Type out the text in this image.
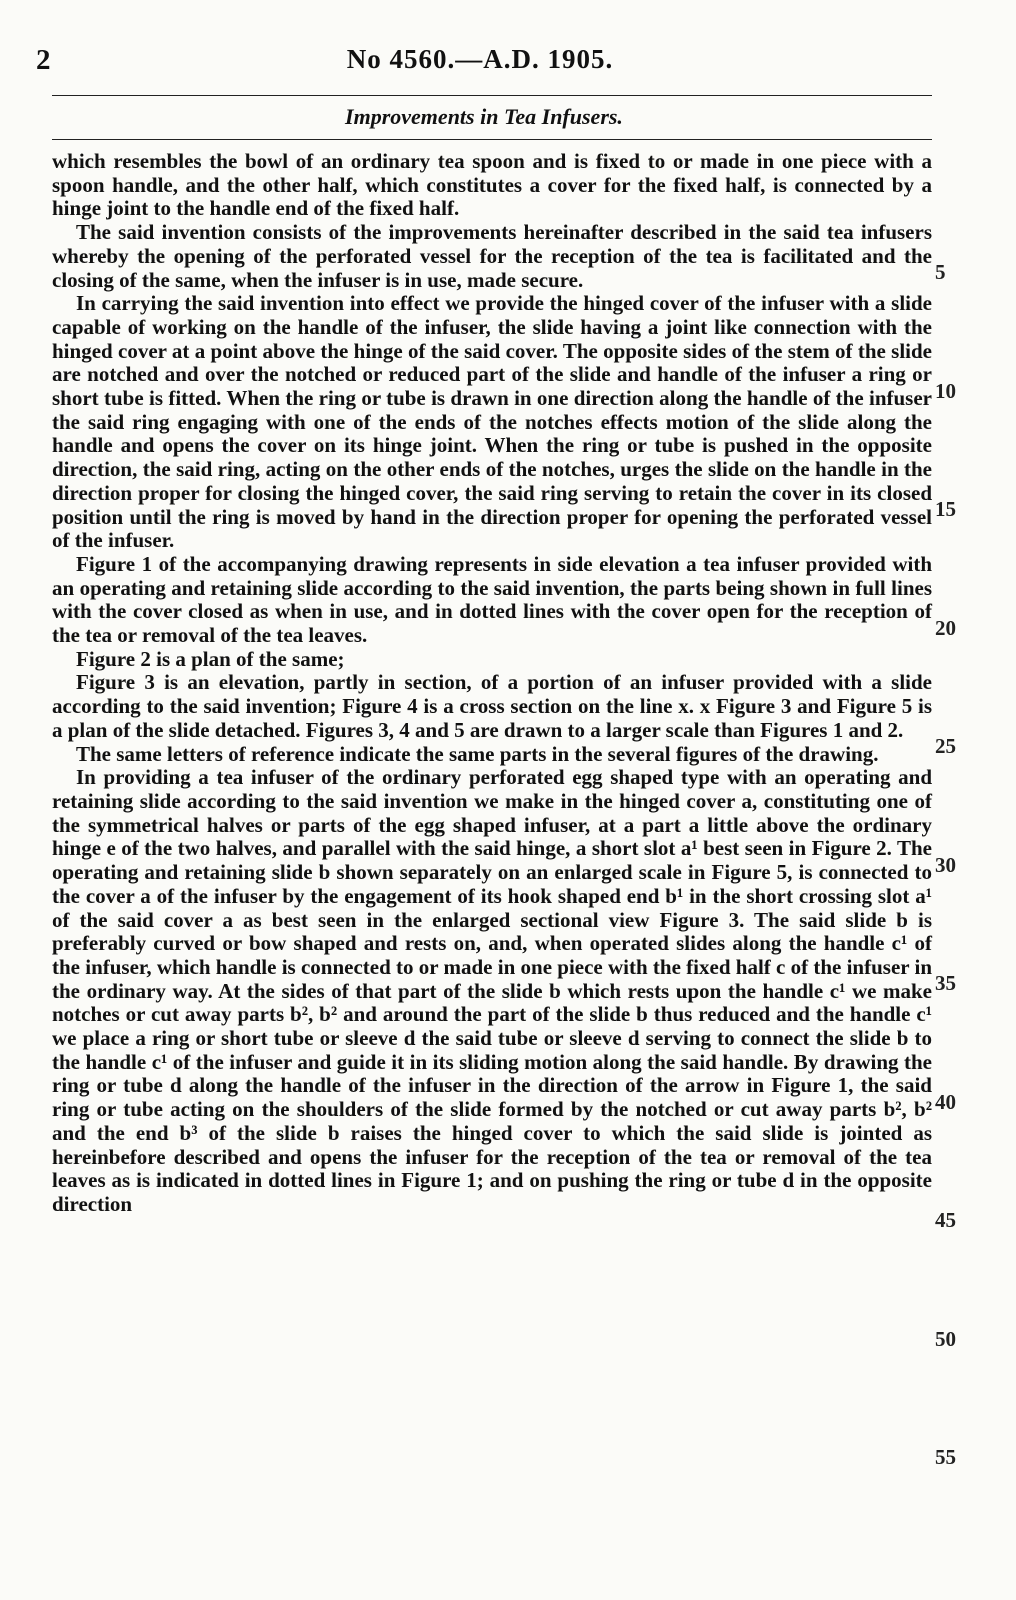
2	No 4560.—A.D. 1905.
Improvements in Tea Infusers.

which resembles the bowl of an ordinary tea spoon and is fixed to or made in one piece with a spoon handle, and the other half, which constitutes a cover for the fixed half, is connected by a hinge joint to the handle end of the fixed half.

The said invention consists of the improvements hereinafter described in the said tea infusers whereby the opening of the perforated vessel for the reception of the tea is facilitated and the closing of the same, when the infuser is in use, made secure.

In carrying the said invention into effect we provide the hinged cover of the infuser with a slide capable of working on the handle of the infuser, the slide having a joint like connection with the hinged cover at a point above the hinge of the said cover. The opposite sides of the stem of the slide are notched and over the notched or reduced part of the slide and handle of the infuser a ring or short tube is fitted. When the ring or tube is drawn in one direction along the handle of the infuser the said ring engaging with one of the ends of the notches effects motion of the slide along the handle and opens the cover on its hinge joint. When the ring or tube is pushed in the opposite direction, the said ring, acting on the other ends of the notches, urges the slide on the handle in the direction proper for closing the hinged cover, the said ring serving to retain the cover in its closed position until the ring is moved by hand in the direction proper for opening the perforated vessel of the infuser.

Figure 1 of the accompanying drawing represents in side elevation a tea infuser provided with an operating and retaining slide according to the said invention, the parts being shown in full lines with the cover closed as when in use, and in dotted lines with the cover open for the reception of the tea or removal of the tea leaves.

Figure 2 is a plan of the same;

Figure 3 is an elevation, partly in section, of a portion of an infuser provided with a slide according to the said invention; Figure 4 is a cross section on the line x. x Figure 3 and Figure 5 is a plan of the slide detached. Figures 3, 4 and 5 are drawn to a larger scale than Figures 1 and 2.

The same letters of reference indicate the same parts in the several figures of the drawing.

In providing a tea infuser of the ordinary perforated egg shaped type with an operating and retaining slide according to the said invention we make in the hinged cover a, constituting one of the symmetrical halves or parts of the egg shaped infuser, at a part a little above the ordinary hinge e of the two halves, and parallel with the said hinge, a short slot a¹ best seen in Figure 2. The operating and retaining slide b shown separately on an enlarged scale in Figure 5, is connected to the cover a of the infuser by the engagement of its hook shaped end b¹ in the short crossing slot a¹ of the said cover a as best seen in the enlarged sectional view Figure 3. The said slide b is preferably curved or bow shaped and rests on, and, when operated slides along the handle c¹ of the infuser, which handle is connected to or made in one piece with the fixed half c of the infuser in the ordinary way. At the sides of that part of the slide b which rests upon the handle c¹ we make notches or cut away parts b², b² and around the part of the slide b thus reduced and the handle c¹ we place a ring or short tube or sleeve d the said tube or sleeve d serving to connect the slide b to the handle c¹ of the infuser and guide it in its sliding motion along the said handle. By drawing the ring or tube d along the handle of the infuser in the direction of the arrow in Figure 1, the said ring or tube acting on the shoulders of the slide formed by the notched or cut away parts b², b² and the end b³ of the slide b raises the hinged cover to which the said slide is jointed as hereinbefore described and opens the infuser for the reception of the tea or removal of the tea leaves as is indicated in dotted lines in Figure 1; and on pushing the ring or tube d in the opposite direction

5
10
15
20
25
30
35
40
45
50
55
